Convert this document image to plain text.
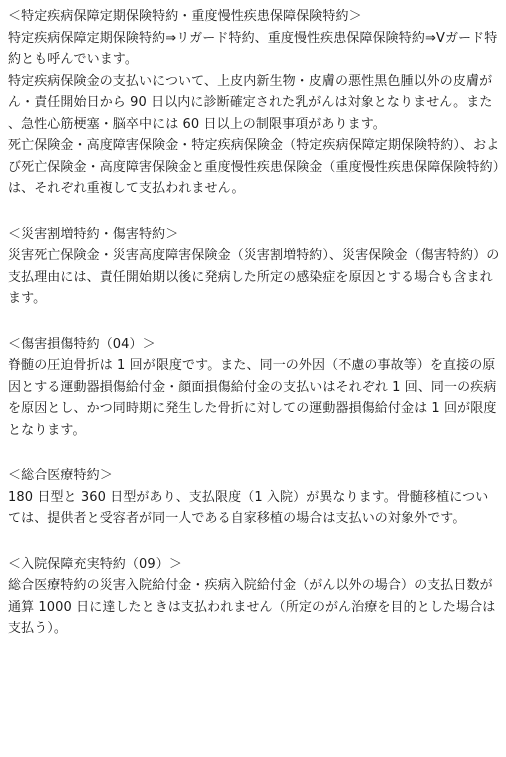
＜特定疾病保障定期保険特約・重度慢性疾患保障保険特約＞

特定疾病保障定期保険特約⇒リガード特約、重度慢性疾患保障保険特約⇒Vガード特約とも呼んでいます。

特定疾病保険金の支払いについて、上皮内新生物・皮膚の悪性黒色腫以外の皮膚がん・責任開始日から 90 日以内に診断確定された乳がんは対象となりません。また、急性心筋梗塞・脳卒中には 60 日以上の制限事項があります。

死亡保険金・高度障害保険金・特定疾病保険金（特定疾病保障定期保険特約）、および死亡保険金・高度障害保険金と重度慢性疾患保険金（重度慢性疾患保障保険特約）は、それぞれ重複して支払われません。

＜災害割増特約・傷害特約＞

災害死亡保険金・災害高度障害保険金（災害割増特約）、災害保険金（傷害特約）の支払理由には、責任開始期以後に発病した所定の感染症を原因とする場合も含まれます。

＜傷害損傷特約（04）＞

脊髄の圧迫骨折は 1 回が限度です。また、同一の外因（不慮の事故等）を直接の原因とする運動器損傷給付金・顔面損傷給付金の支払いはそれぞれ 1 回、同一の疾病を原因とし、かつ同時期に発生した骨折に対しての運動器損傷給付金は 1 回が限度となります。

＜総合医療特約＞

180 日型と 360 日型があり、支払限度（1 入院）が異なります。骨髄移植については、提供者と受容者が同一人である自家移植の場合は支払いの対象外です。

＜入院保障充実特約（09）＞

総合医療特約の災害入院給付金・疾病入院給付金（がん以外の場合）の支払日数が通算 1000 日に達したときは支払われません（所定のがん治療を目的とした場合は支払う）。
